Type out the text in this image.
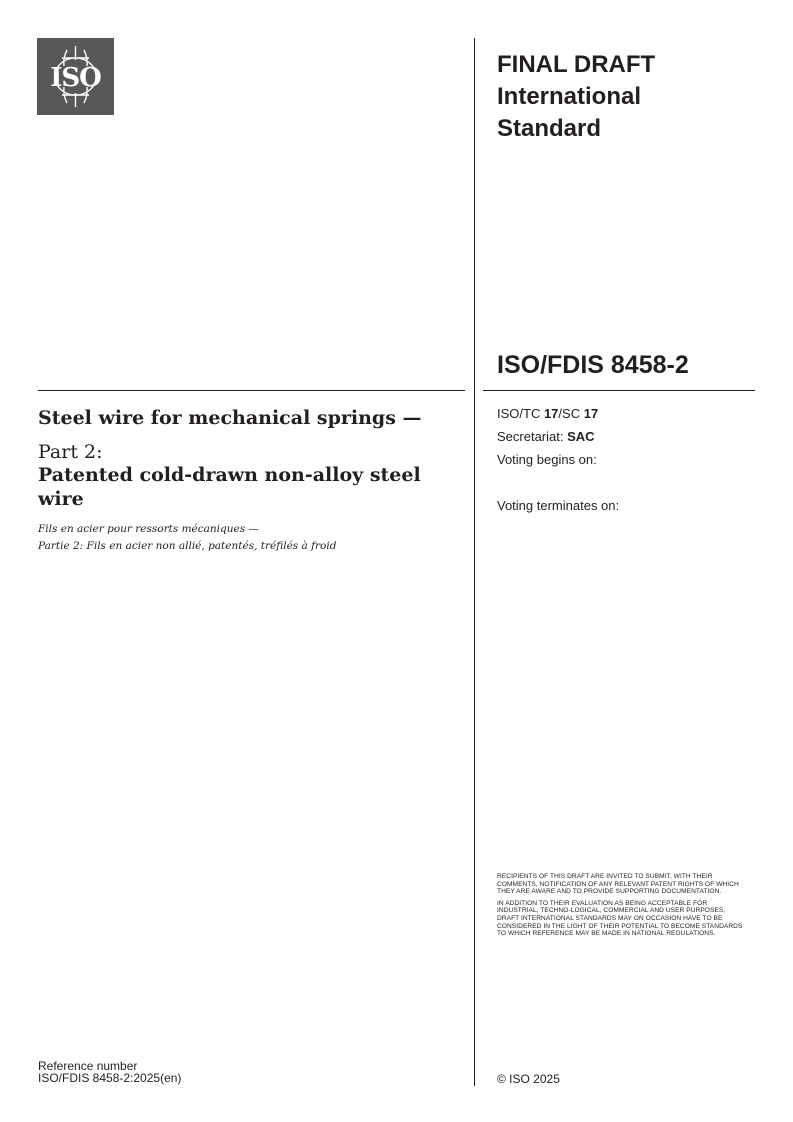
ISO	FINAL DRAFT
International
Standard
ISO/FDIS 8458-2
Steel wire for mechanical springs —
Part 2:
Patented cold-drawn non-alloy steel wire
Fils en acier pour ressorts mécaniques —
Partie 2: Fils en acier non allié, patentés, tréfilés à froid
ISO/TC 17/SC 17
Secretariat: SAC
Voting begins on:
Voting terminates on:
RECIPIENTS OF THIS DRAFT ARE INVITED TO SUBMIT, WITH THEIR COMMENTS, NOTIFICATION OF ANY RELEVANT PATENT RIGHTS OF WHICH THEY ARE AWARE AND TO PROVIDE SUPPORTING DOCUMENTATION.
IN ADDITION TO THEIR EVALUATION AS BEING ACCEPTABLE FOR INDUSTRIAL, TECHNO-LOGICAL, COMMERCIAL AND USER PURPOSES, DRAFT INTERNATIONAL STANDARDS MAY ON OCCASION HAVE TO BE CONSIDERED IN THE LIGHT OF THEIR POTENTIAL TO BECOME STANDARDS TO WHICH REFERENCE MAY BE MADE IN NATIONAL REGULATIONS.
Reference number
ISO/FDIS 8458-2:2025(en)	© ISO 2025
